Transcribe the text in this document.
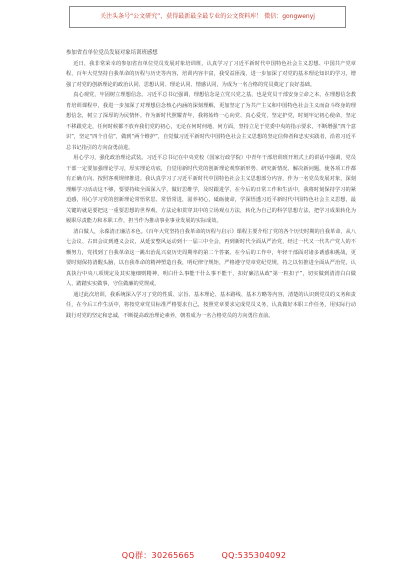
关注头条号“公文研究”，获得最新最全最专业的公文资料库！ 微信：gongwenyj
参加省直单位党员发展对象培训班感想

近日，我非常荣幸的参加省直单位党员发展对象培训班，认真学习了习近平新时代中国特色社会主义思想、中国共产党章程、百年大党坚持自我革命的历程与历史等内容，培训内容丰富，我受益匪浅，进一步加深了对党的基本理论知识的学习，增强了对党的创新理论的政治认同、思想认同、理论认同、情感认同，为成为一名合格的党员奠定了良好基础。

真心观党，牢固树立理想信念。习近平总书记强调，理想信念是立党兴党之基，也是党员干部安身立命之本。在理想信念教育培训课程中，我进一步加深了对理想信念核心内涵的深刻理解，更加坚定了为共产主义和中国特色社会主义而奋斗终身的理想信念，树立了深厚的为民情怀。作为新时代照耀青年，我将始终一心向党、真心爱党，坚定护党，时刻牢记初心使命，坚定不移跟党走，任何时候都不放弃我们党的初心，无论在何时何地、何方面，坚持立足于党委中央的指示要求，不断增强“四个意识”，坚定“四个自信”，做到“两个维护”，自觉做习近平新时代中国特色社会主义思想的坚定信仰者和忠实实践者，沿着习近平总书记指引的方向奋勇前进。

用心学习，强化政治理论武装。习近平总书记在中央党校（国家行政学院）中青年干部培训班开班式上的讲话中强调，党员干部一定要加强理论学习，厚实理论功底，自觉用新时代党的创新理论观察新形势、研究新情况、解决新问题，使各项工作都有正确方向、按照客观规律推进。我认真学习了习近平新时代中国特色社会主义思想部分内容，作为一名党员发展对象，深刻理解学习活动这不够，要要持续全面深入学，做好思维学，及时跟进学，在今后的日常工作和生活中，我将时刻保持学习的紧迫感，用心学习党的创新理论常悟常思、常悟常进，滋养初心，砥砺使命，学深悟透习近平新时代中国特色社会主义思想，最关键的就是要把这一重要思想的世界观、方法论和贯穿其中的立场观点方法，转化为自己的科学思想方法，把学习成果转化为履职尽责能力和本职工作，担当作为推动事业事业发展的实际成效。

清白做人，永葆清正廉洁本色。《百年大党坚持自我革命的历程与启示》课程主要介绍了党的各个历史时期的自我革命，从八七会议、古田会议到遵义会议，从延安整风运动到十一届三中全会，再到新时代全面从严治党，经过一代又一代共产党人的不懈努力，党找到了自我革命这一跳出治乱兴衰历史周期率的第二个答案。在今后的工作中，年轻干部面对诸多诱惑和挑战，更要时刻保持清醒头脑，以自我革命的精神塑造自我，明纪律守规矩，严格遵守党章党纪党规，持之以恒推进全面从严治党，认真执行中央八项规定及其实施细则精神，明白什么事能干什么事不能干，扣好廉洁从政“第一粒扣子”，切实做到清清白白做人、踏踏实实做事，守住做廉的党规戒。

通过此次培训，我系统深入学习了党的性质、宗旨、基本理论、基本路线、基本方略等内容，清楚的认识到党员的义务和责任，在今后工作生活中，将按党章党员标准严格要求自己，按照党章要求完成党员义务，认真做好本职工作任务，用实际行动践行对党的坚定和忠诚，不断提高政治理论素养，朝着成为一名合格党员的方向勇往直前。

QQ群：30265665	QQ:535304092
